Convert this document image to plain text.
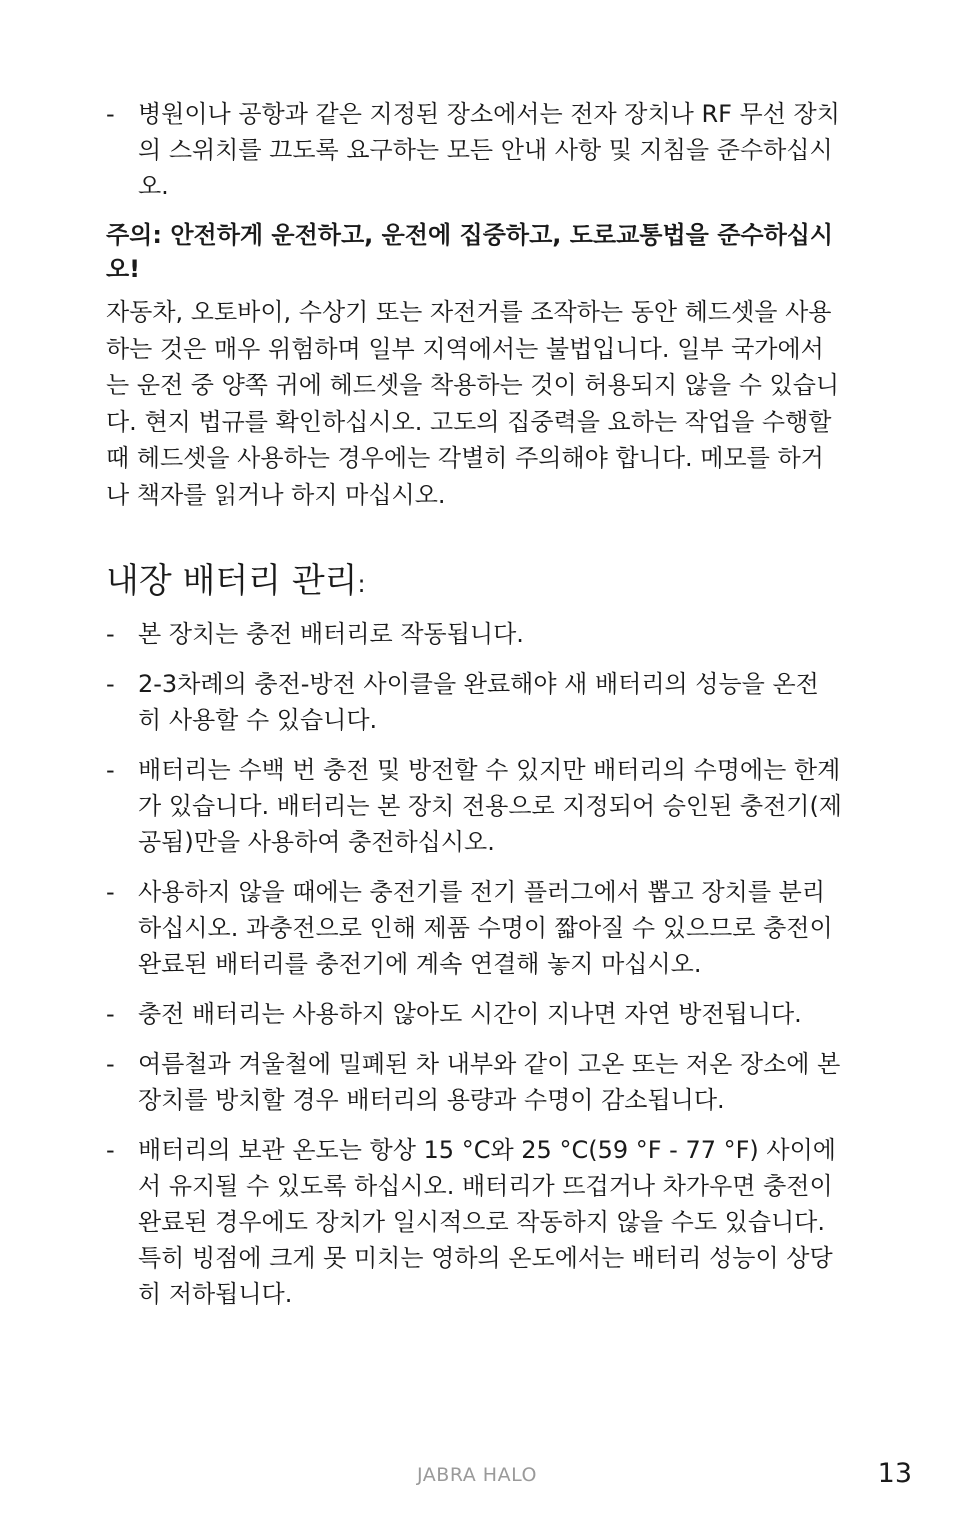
- 병원이나 공항과 같은 지정된 장소에서는 전자 장치나 RF 무선 장치의 스위치를 끄도록 요구하는 모든 안내 사항 및 지침을 준수하십시오.
주의: 안전하게 운전하고, 운전에 집중하고, 도로교통법을 준수하십시오!

자동차, 오토바이, 수상기 또는 자전거를 조작하는 동안 헤드셋을 사용하는 것은 매우 위험하며 일부 지역에서는 불법입니다. 일부 국가에서는 운전 중 양쪽 귀에 헤드셋을 착용하는 것이 허용되지 않을 수 있습니다. 현지 법규를 확인하십시오. 고도의 집중력을 요하는 작업을 수행할 때 헤드셋을 사용하는 경우에는 각별히 주의해야 합니다. 메모를 하거나 책자를 읽거나 하지 마십시오.

내장 배터리 관리:
- 본 장치는 충전 배터리로 작동됩니다.
- 2-3차례의 충전-방전 사이클을 완료해야 새 배터리의 성능을 온전히 사용할 수 있습니다.
- 배터리는 수백 번 충전 및 방전할 수 있지만 배터리의 수명에는 한계가 있습니다. 배터리는 본 장치 전용으로 지정되어 승인된 충전기(제공됨)만을 사용하여 충전하십시오.
- 사용하지 않을 때에는 충전기를 전기 플러그에서 뽑고 장치를 분리하십시오. 과충전으로 인해 제품 수명이 짧아질 수 있으므로 충전이 완료된 배터리를 충전기에 계속 연결해 놓지 마십시오.
- 충전 배터리는 사용하지 않아도 시간이 지나면 자연 방전됩니다.
- 여름철과 겨울철에 밀폐된 차 내부와 같이 고온 또는 저온 장소에 본 장치를 방치할 경우 배터리의 용량과 수명이 감소됩니다.
- 배터리의 보관 온도는 항상 15 °C와 25 °C(59 °F - 77 °F) 사이에서 유지될 수 있도록 하십시오. 배터리가 뜨겁거나 차가우면 충전이 완료된 경우에도 장치가 일시적으로 작동하지 않을 수도 있습니다. 특히 빙점에 크게 못 미치는 영하의 온도에서는 배터리 성능이 상당히 저하됩니다.
JABRA HALO	13
